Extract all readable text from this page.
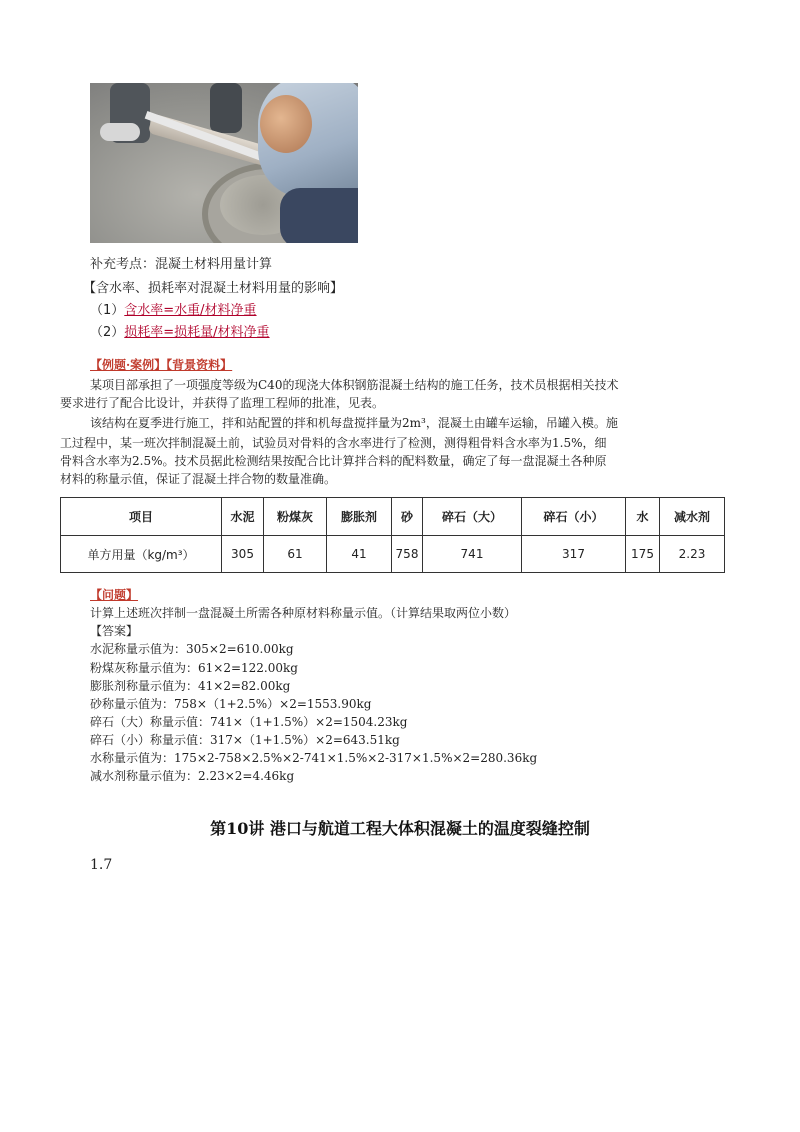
补充考点：混凝土材料用量计算
【含水率、损耗率对混凝土材料用量的影响】
（1）含水率=水重/材料净重
（2）损耗率=损耗量/材料净重
【例题·案例】【背景资料】
某项目部承担了一项强度等级为C40的现浇大体积钢筋混凝土结构的施工任务，技术员根据相关技术
要求进行了配合比设计，并获得了监理工程师的批准，见表。
该结构在夏季进行施工，拌和站配置的拌和机每盘搅拌量为2m³，混凝土由罐车运输，吊罐入模。施
工过程中，某一班次拌制混凝土前，试验员对骨料的含水率进行了检测，测得粗骨料含水率为1.5%，细
骨料含水率为2.5%。技术员据此检测结果按配合比计算拌合料的配料数量，确定了每一盘混凝土各种原
材料的称量示值，保证了混凝土拌合物的数量准确。
项目	水泥	粉煤灰	膨胀剂	砂	碎石（大）	碎石（小）	水	减水剂
单方用量（kg/m³）	305	61	41	758	741	317	175	2.23
【问题】
计算上述班次拌制一盘混凝土所需各种原材料称量示值。（计算结果取两位小数）
【答案】
水泥称量示值为：305×2=610.00kg
粉煤灰称量示值为：61×2=122.00kg
膨胀剂称量示值为：41×2=82.00kg
砂称量示值为：758×（1+2.5%）×2=1553.90kg
碎石（大）称量示值：741×（1+1.5%）×2=1504.23kg
碎石（小）称量示值：317×（1+1.5%）×2=643.51kg
水称量示值为：175×2-758×2.5%×2-741×1.5%×2-317×1.5%×2=280.36kg
减水剂称量示值为：2.23×2=4.46kg
第10讲 港口与航道工程大体积混凝土的温度裂缝控制
1.7
